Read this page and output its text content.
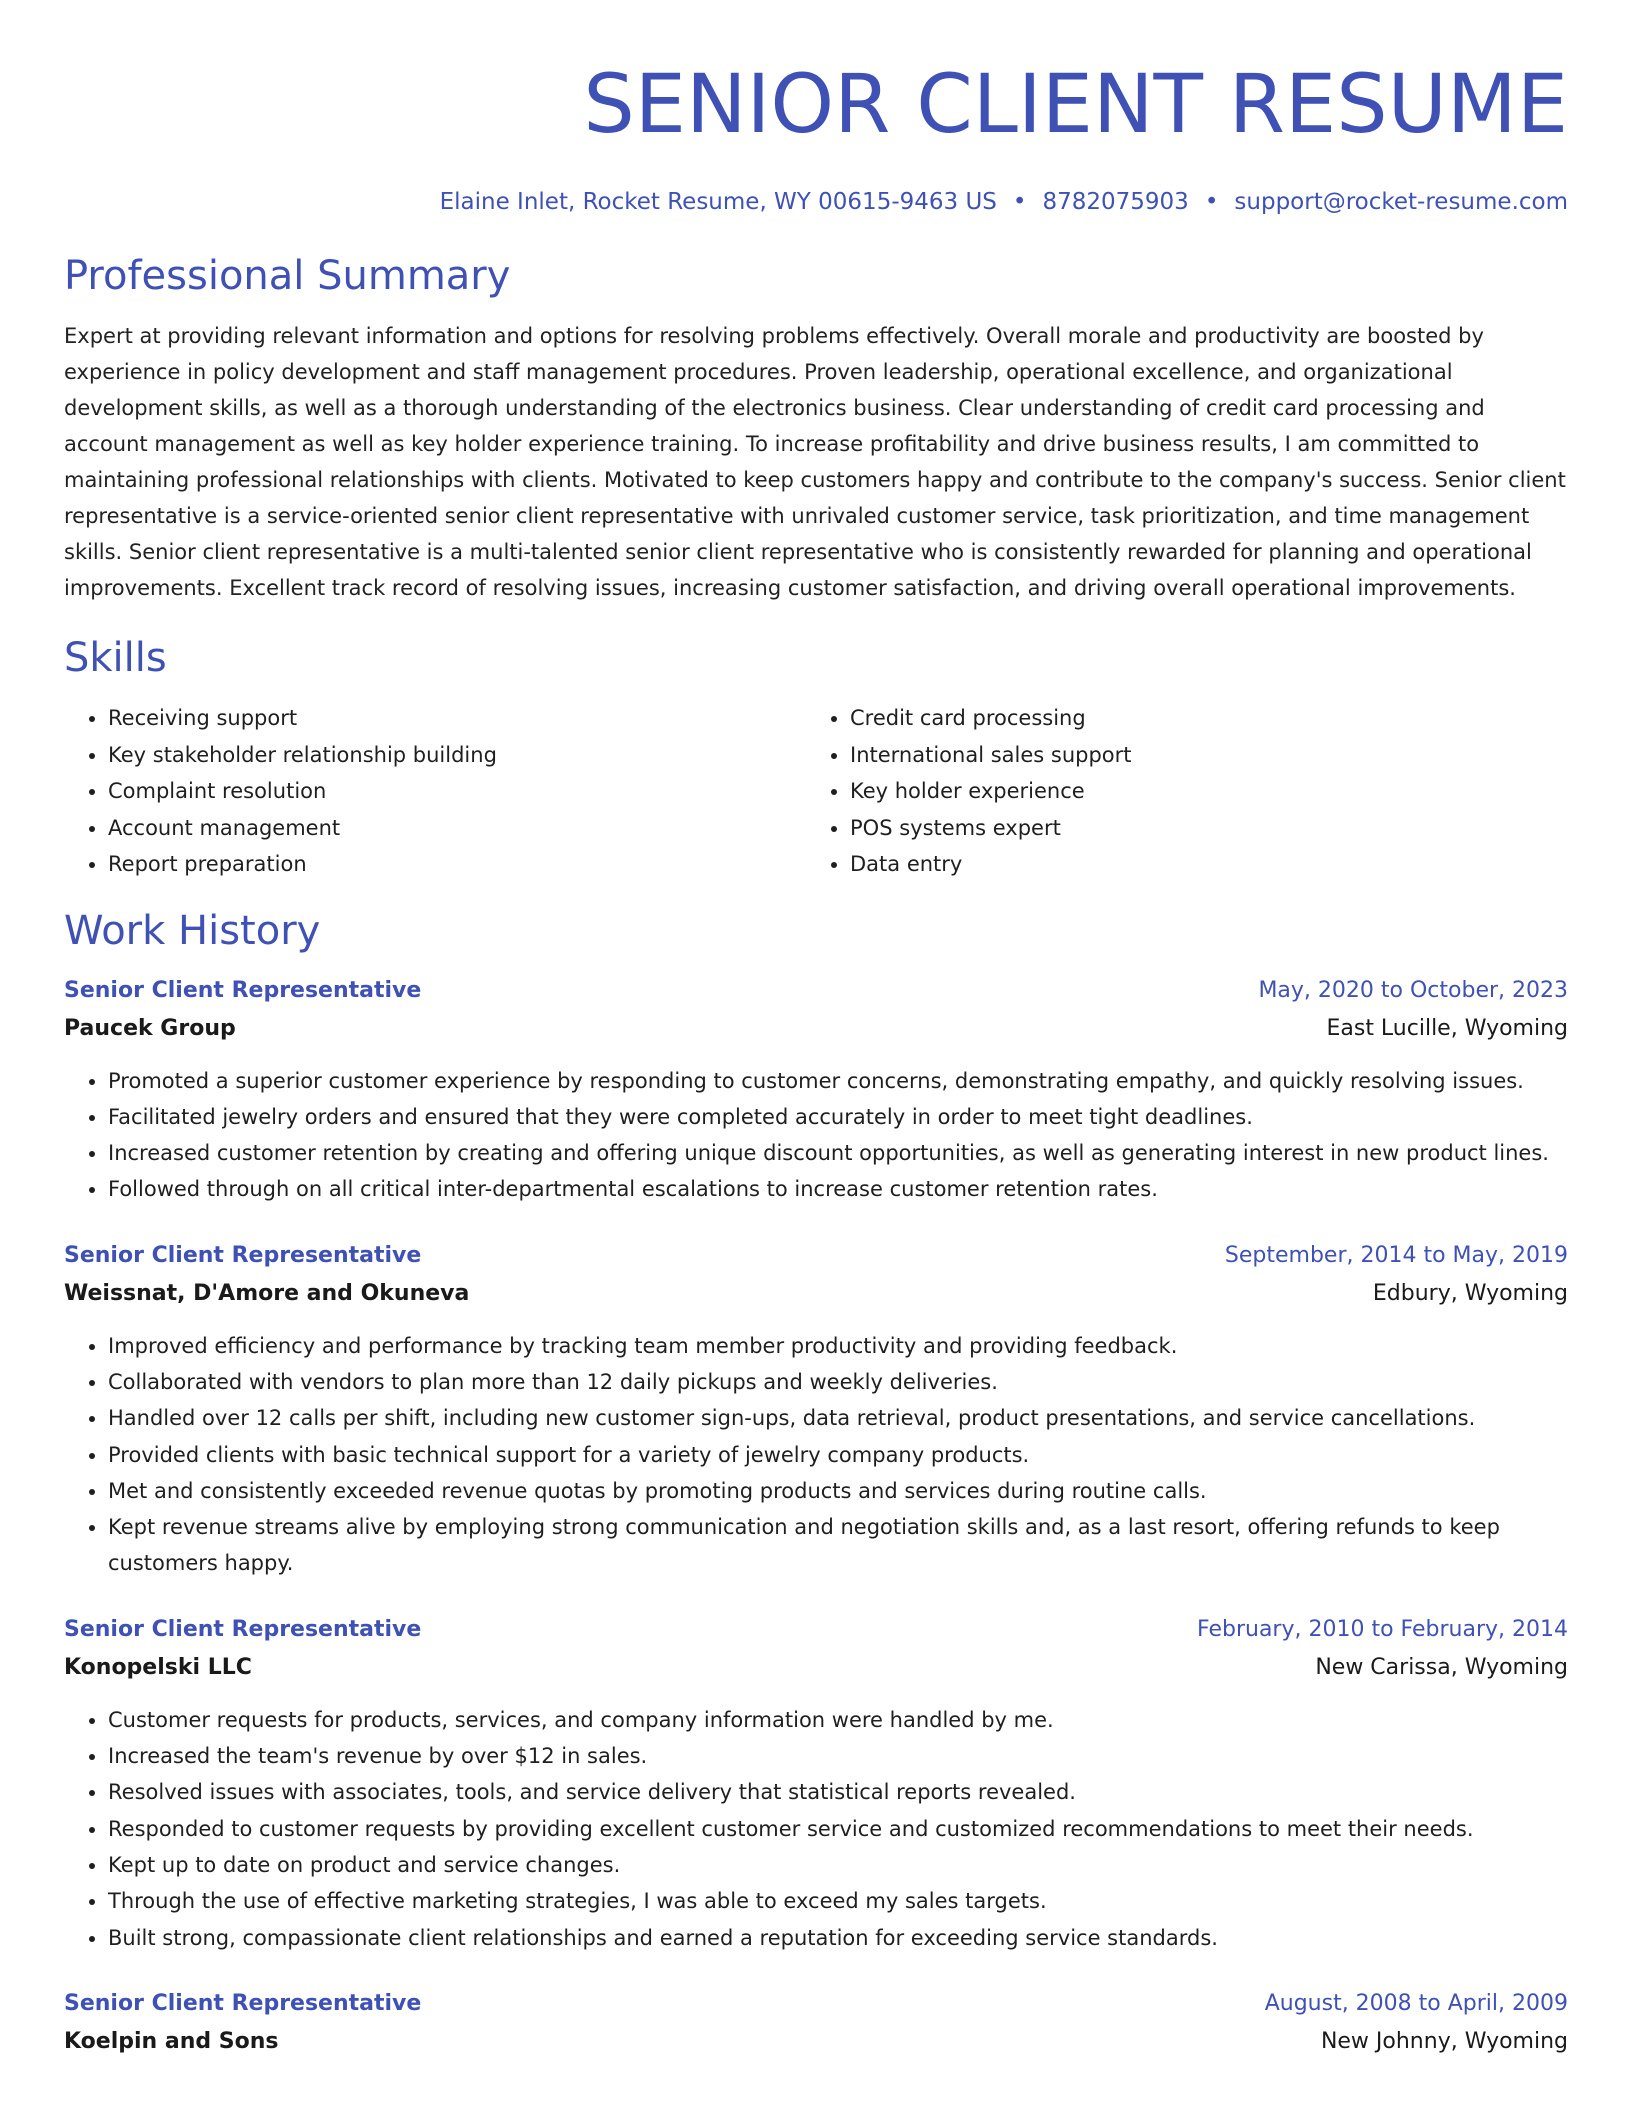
SENIOR CLIENT RESUME
Elaine Inlet, Rocket Resume, WY 00615-9463 US • 8782075903 • support@rocket-resume.com
Professional Summary
Expert at providing relevant information and options for resolving problems effectively. Overall morale and productivity are boosted by experience in policy development and staff management procedures. Proven leadership, operational excellence, and organizational development skills, as well as a thorough understanding of the electronics business. Clear understanding of credit card processing and account management as well as key holder experience training. To increase profitability and drive business results, I am committed to maintaining professional relationships with clients. Motivated to keep customers happy and contribute to the company's success. Senior client representative is a service-oriented senior client representative with unrivaled customer service, task prioritization, and time management skills. Senior client representative is a multi-talented senior client representative who is consistently rewarded for planning and operational improvements. Excellent track record of resolving issues, increasing customer satisfaction, and driving overall operational improvements.
Skills
• Receiving support
• Key stakeholder relationship building
• Complaint resolution
• Account management
• Report preparation
• Credit card processing
• International sales support
• Key holder experience
• POS systems expert
• Data entry
Work History
Senior Client Representative	May, 2020 to October, 2023
Paucek Group	East Lucille, Wyoming
• Promoted a superior customer experience by responding to customer concerns, demonstrating empathy, and quickly resolving issues.
• Facilitated jewelry orders and ensured that they were completed accurately in order to meet tight deadlines.
• Increased customer retention by creating and offering unique discount opportunities, as well as generating interest in new product lines.
• Followed through on all critical inter-departmental escalations to increase customer retention rates.
Senior Client Representative	September, 2014 to May, 2019
Weissnat, D'Amore and Okuneva	Edbury, Wyoming
• Improved efficiency and performance by tracking team member productivity and providing feedback.
• Collaborated with vendors to plan more than 12 daily pickups and weekly deliveries.
• Handled over 12 calls per shift, including new customer sign-ups, data retrieval, product presentations, and service cancellations.
• Provided clients with basic technical support for a variety of jewelry company products.
• Met and consistently exceeded revenue quotas by promoting products and services during routine calls.
• Kept revenue streams alive by employing strong communication and negotiation skills and, as a last resort, offering refunds to keep customers happy.
Senior Client Representative	February, 2010 to February, 2014
Konopelski LLC	New Carissa, Wyoming
• Customer requests for products, services, and company information were handled by me.
• Increased the team's revenue by over $12 in sales.
• Resolved issues with associates, tools, and service delivery that statistical reports revealed.
• Responded to customer requests by providing excellent customer service and customized recommendations to meet their needs.
• Kept up to date on product and service changes.
• Through the use of effective marketing strategies, I was able to exceed my sales targets.
• Built strong, compassionate client relationships and earned a reputation for exceeding service standards.
Senior Client Representative	August, 2008 to April, 2009
Koelpin and Sons	New Johnny, Wyoming
